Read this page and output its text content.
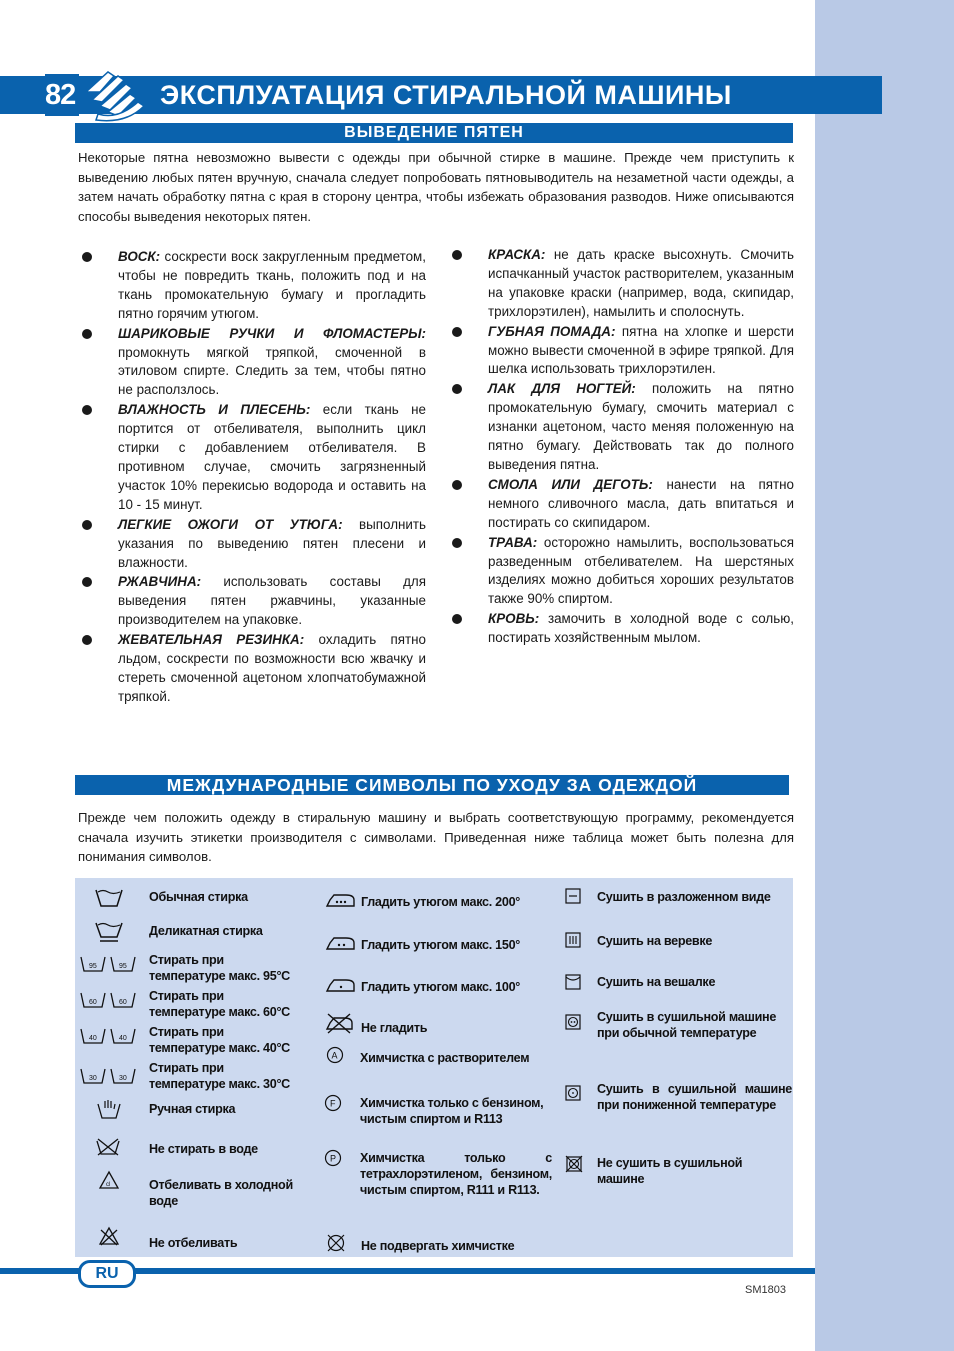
82	ЭКСПЛУАТАЦИЯ СТИРАЛЬНОЙ МАШИНЫ
ВЫВЕДЕНИЕ ПЯТЕН
Некоторые пятна невозможно вывести с одежды при обычной стирке в машине. Прежде чем приступить к выведению любых пятен вручную, сначала следует попробовать пятновыводитель на незаметной части одежды, а затем начать обработку пятна с края в сторону центра, чтобы избежать образования разводов. Ниже описываются способы выведения некоторых пятен.
ВОСК: соскрести воск закругленным предметом, чтобы не повредить ткань, положить под и на ткань промокательную бумагу и прогладить пятно горячим утюгом.
ШАРИКОВЫЕ РУЧКИ И ФЛОМАСТЕРЫ: промокнуть мягкой тряпкой, смоченной в этиловом спирте. Следить за тем, чтобы пятно не расползлось.
ВЛАЖНОСТЬ И ПЛЕСЕНЬ: если ткань не портится от отбеливателя, выполнить цикл стирки с добавлением отбеливателя. В противном случае, смочить загрязненный участок 10% перекисью водорода и оставить на 10 - 15 минут.
ЛЕГКИЕ ОЖОГИ ОТ УТЮГА: выполнить указания по выведению пятен плесени и влажности.
РЖАВЧИНА: использовать составы для выведения пятен ржавчины, указанные производителем на упаковке.
ЖЕВАТЕЛЬНАЯ РЕЗИНКА: охладить пятно льдом, соскрести по возможности всю жвачку и стереть смоченной ацетоном хлопчатобумажной тряпкой.
КРАСКА: не дать краске высохнуть. Смочить испачканный участок растворителем, указанным на упаковке краски (например, вода, скипидар, трихлорэтилен), намылить и сполоснуть.
ГУБНАЯ ПОМАДА: пятна на хлопке и шерсти можно вывести смоченной в эфире тряпкой. Для шелка использовать трихлорэтилен.
ЛАК ДЛЯ НОГТЕЙ: положить на пятно промокательную бумагу, смочить материал с изнанки ацетоном, часто меняя положенную на пятно бумагу. Действовать так до полного выведения пятна.
СМОЛА ИЛИ ДЕГОТЬ: нанести на пятно немного сливочного масла, дать впитаться и постирать со скипидаром.
ТРАВА: осторожно намылить, воспользоваться разведенным отбеливателем. На шерстяных изделиях можно добиться хороших результатов также 90% спиртом.
КРОВЬ: замочить в холодной воде с солью, постирать хозяйственным мылом.
МЕЖДУНАРОДНЫЕ СИМВОЛЫ ПО УХОДУ ЗА ОДЕЖДОЙ
Прежде чем положить одежду в стиральную машину и выбрать соответствующую программу, рекомендуется сначала изучить этикетки производителя с символами. Приведенная ниже таблица может быть полезна для понимания символов.
Обычная стирка
Деликатная стирка
95	95 Стирать при температуре макс. 95°C
60	60 Стирать при температуре макс. 60°C
40	40 Стирать при температуре макс. 40°C
30	30
Стирать при температуре макс. 30°C
Ручная стирка
Не стирать в воде
cl	Отбеливать в холодной воде
Не отбеливать
Гладить утюгом макс. 200°
Гладить утюгом макс. 150°
Гладить утюгом макс. 100°
Не гладить
A Химчистка с растворителем
F Химчистка только с бензином, чистым спиртом и R113
P Химчистка только с тетрахлорэтиленом, бензином, чистым спиртом, R111 и R113.
Не подвергать химчистке
Сушить в разложенном виде
Сушить на веревке
Сушить на вешалке
Сушить в сушильной машине при обычной температуре
Сушить в сушильной машине при пониженной температуре
Не сушить в сушильной машине
RU
SM1803
